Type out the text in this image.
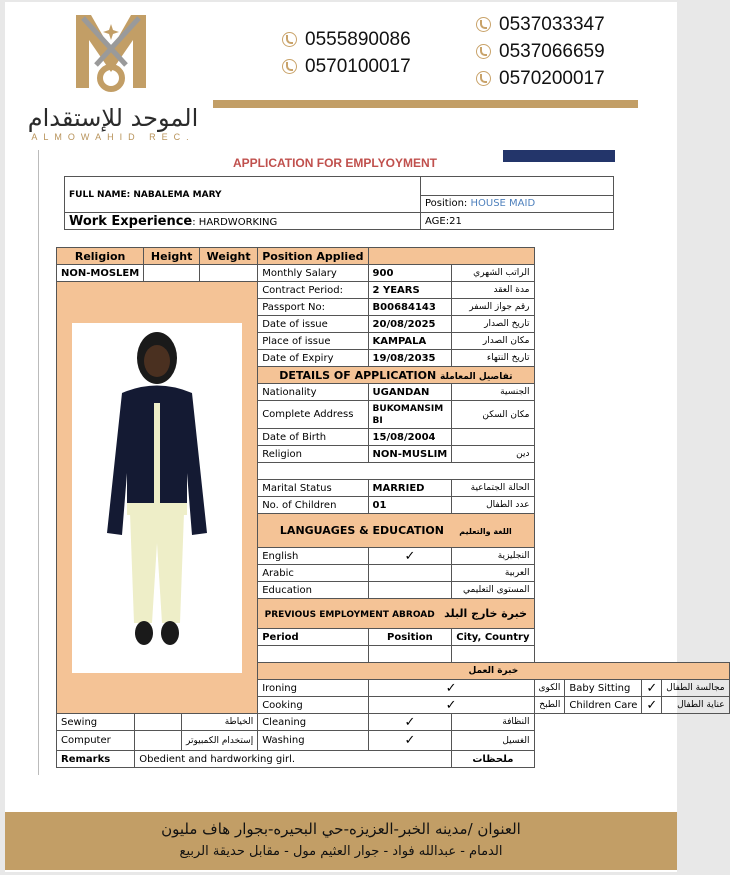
الموحد للإستقدام
ALMOWAHID REC.
0555890086
0570100017
0537033347
0537066659
0570200017
APPLICATION FOR EMPLYOYMENT
FULL NAME: NABALEMA MARY	
	Position: HOUSE MAID
Work Experience: HARDWORKING	AGE:21
Religion		Height		Weight	Position Applied						
NON-MOSLEM					Monthly Salary	900	الراتب الشهري				

	Contract Period:	2 YEARS	مدة العقد				
					Passport No:	B00684143	رقم جواز السفر				
					Date of issue	20/08/2025	تاريخ الصدار				
					Place of issue	KAMPALA	مكان الصدار				
					Date of Expiry	19/08/2035	تاريخ النتهاء				
					DETAILS OF APPLICATION تفاصيل المعاملة						
					Nationality	UGANDAN	الجنسية				
					Complete Address	BUKOMANSIMBI	مكان السكن				
					Date of Birth	15/08/2004					
					Religion	NON-MUSLIM	دين				

					Marital Status	MARRIED	الحالة الجتماعية				
					No. of Children	01	عدد الطفال				
					LANGUAGES & EDUCATION اللغة والتعليم						
					English	✓	النجليزية				
					Arabic		العربية				
					Education		المستوى التعليمي				
					PREVIOUS EMPLOYMENT ABROAD خبرة خارج البلد						
					Period	Position	City, Country				

					خبرة العمل						
					Ironing	✓		الكوى	Baby Sitting	✓	مجالسة الطفال
					Cooking	✓		الطبخ	Children Care	✓	عناية الطفال
Sewing			الخياطة		Cleaning	✓	النظافة				
Computer			إستخدام الكمبيوتر		Washing	✓	الغسيل				
Remarks	Obedient and hardworking girl.						ملحظات				
العنوان /مدينه الخبر-العزيزه-حي البحيره-بجوار هاف مليون
الدمام - عبدالله فواد - جوار العثيم مول - مقابل حديقة الربيع
